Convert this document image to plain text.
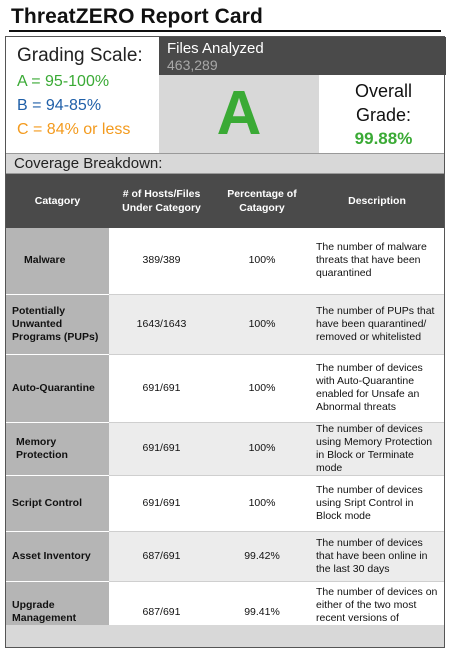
ThreatZERO Report Card
Grading Scale:
A = 95-100%
B = 94-85%
C = 84% or less
Files Analyzed
463,289
A	Overall
Grade:
99.88%
Coverage Breakdown:
Catagory	# of Hosts/Files Under Category	Percentage of Catagory	Description
Malware	389/389	100%	The number of malware threats that have been quarantined
Potentially Unwanted Programs (PUPs)	1643/1643	100%	The number of PUPs that have been quarantined/ removed or whitelisted
Auto-Quarantine	691/691	100%	The number of devices with Auto-Quarantine enabled for Unsafe an Abnormal threats
Memory Protection	691/691	100%	The number of devices using Memory Protection in Block or Terminate mode
Script Control	691/691	100%	The number of devices using Sript Control in Block mode
Asset Inventory	687/691	99.42%	The number of devices that have been online in the last 30 days
Upgrade Management	687/691	99.41%	The number of devices on either of the two most recent versions of
